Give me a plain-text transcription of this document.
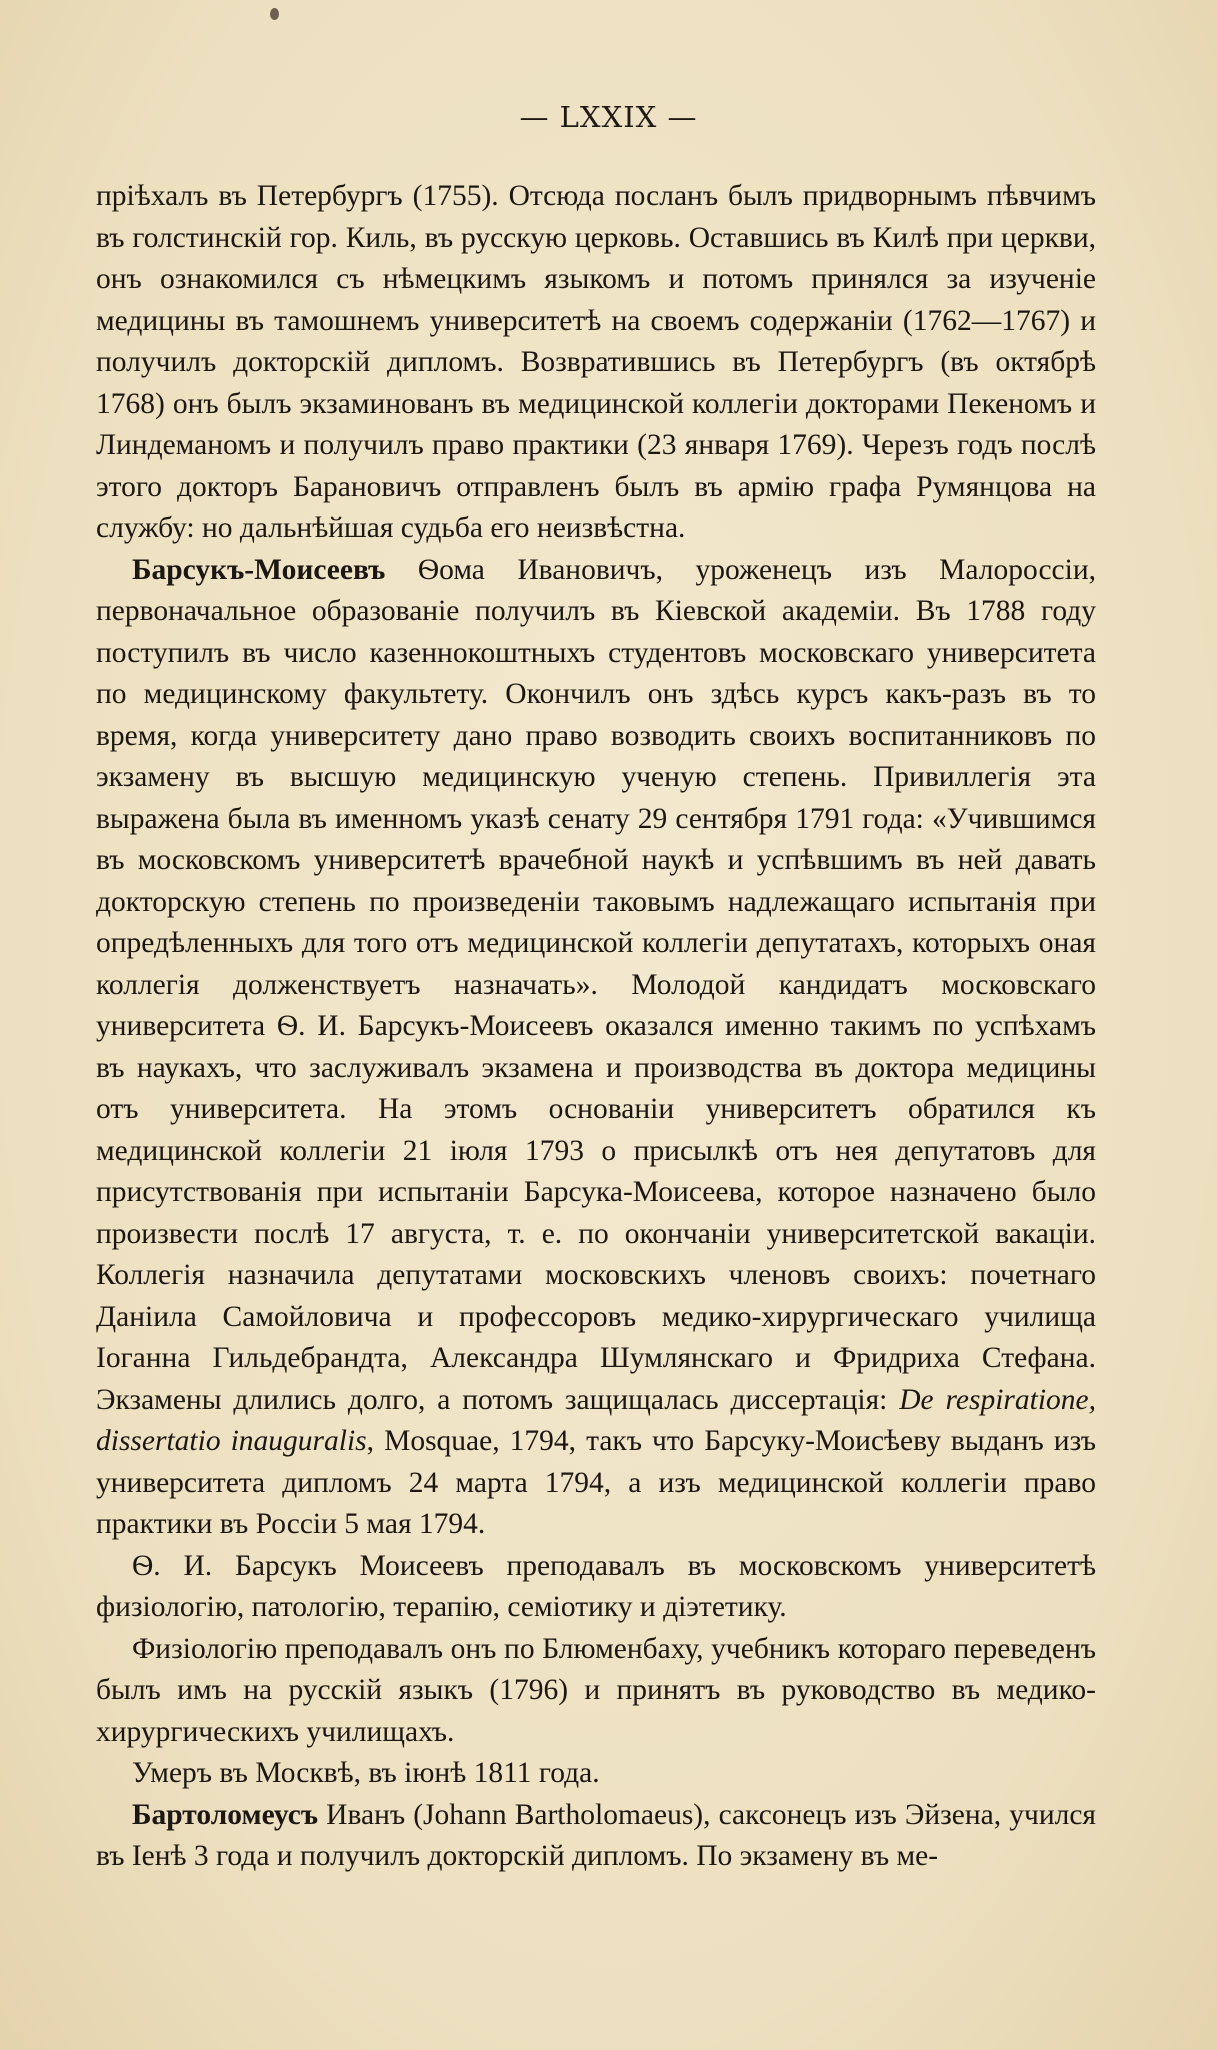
— LXXIX —

пріѣхалъ въ Петербургъ (1755). Отсюда посланъ былъ придворнымъ пѣвчимъ въ голстинскій гор. Киль, въ русскую церковь. Оставшись въ Килѣ при церкви, онъ ознакомился съ нѣмецкимъ языкомъ и потомъ принялся за изученіе медицины въ тамошнемъ университетѣ на своемъ содержаніи (1762—1767) и получилъ докторскій дипломъ. Возвратившись въ Петербургъ (въ октябрѣ 1768) онъ былъ экзаминованъ въ медицинской коллегіи докторами Пекеномъ и Линдеманомъ и получилъ право практики (23 января 1769). Черезъ годъ послѣ этого докторъ Барановичъ отправленъ былъ въ армію графа Румянцова на службу: но дальнѣйшая судьба его неизвѣстна.

Барсукъ-Моисеевъ Ѳома Ивановичъ, уроженецъ изъ Малороссіи, первоначальное образованіе получилъ въ Кіевской академіи. Въ 1788 году поступилъ въ число казеннокоштныхъ студентовъ московскаго университета по медицинскому факультету. Окончилъ онъ здѣсь курсъ какъ-разъ въ то время, когда университету дано право возводить своихъ воспитанниковъ по экзамену въ высшую медицинскую ученую степень. Привиллегія эта выражена была въ именномъ указѣ сенату 29 сентября 1791 года: «Учившимся въ московскомъ университетѣ врачебной наукѣ и успѣвшимъ въ ней давать докторскую степень по произведеніи таковымъ надлежащаго испытанія при опредѣленныхъ для того отъ медицинской коллегіи депутатахъ, которыхъ оная коллегія долженствуетъ назначать». Молодой кандидатъ московскаго университета Ѳ. И. Барсукъ-Моисеевъ оказался именно такимъ по успѣхамъ въ наукахъ, что заслуживалъ экзамена и производства въ доктора медицины отъ университета. На этомъ основаніи университетъ обратился къ медицинской коллегіи 21 іюля 1793 о присылкѣ отъ нея депутатовъ для присутствованія при испытаніи Барсука-Моисеева, которое назначено было произвести послѣ 17 августа, т. е. по окончаніи университетской вакаціи. Коллегія назначила депутатами московскихъ членовъ своихъ: почетнаго Даніила Самойловича и профессоровъ медико-хирургическаго училища Іоганна Гильдебрандта, Александра Шумлянскаго и Фридриха Стефана. Экзамены длились долго, а потомъ защищалась диссертація: De respiratione, dissertatio inauguralis, Mosquae, 1794, такъ что Барсуку-Моисѣеву выданъ изъ университета дипломъ 24 марта 1794, а изъ медицинской коллегіи право практики въ Россіи 5 мая 1794.

Ѳ. И. Барсукъ Моисеевъ преподавалъ въ московскомъ университетѣ физіологію, патологію, терапію, семіотику и діэтетику.

Физіологію преподавалъ онъ по Блюменбаху, учебникъ котораго переведенъ былъ имъ на русскій языкъ (1796) и принятъ въ руководство въ медико-хирургическихъ училищахъ.

Умеръ въ Москвѣ, въ іюнѣ 1811 года.

Бартоломеусъ Иванъ (Johann Bartholomaeus), саксонецъ изъ Эйзена, учился въ Іенѣ 3 года и получилъ докторскій дипломъ. По экзамену въ ме-
